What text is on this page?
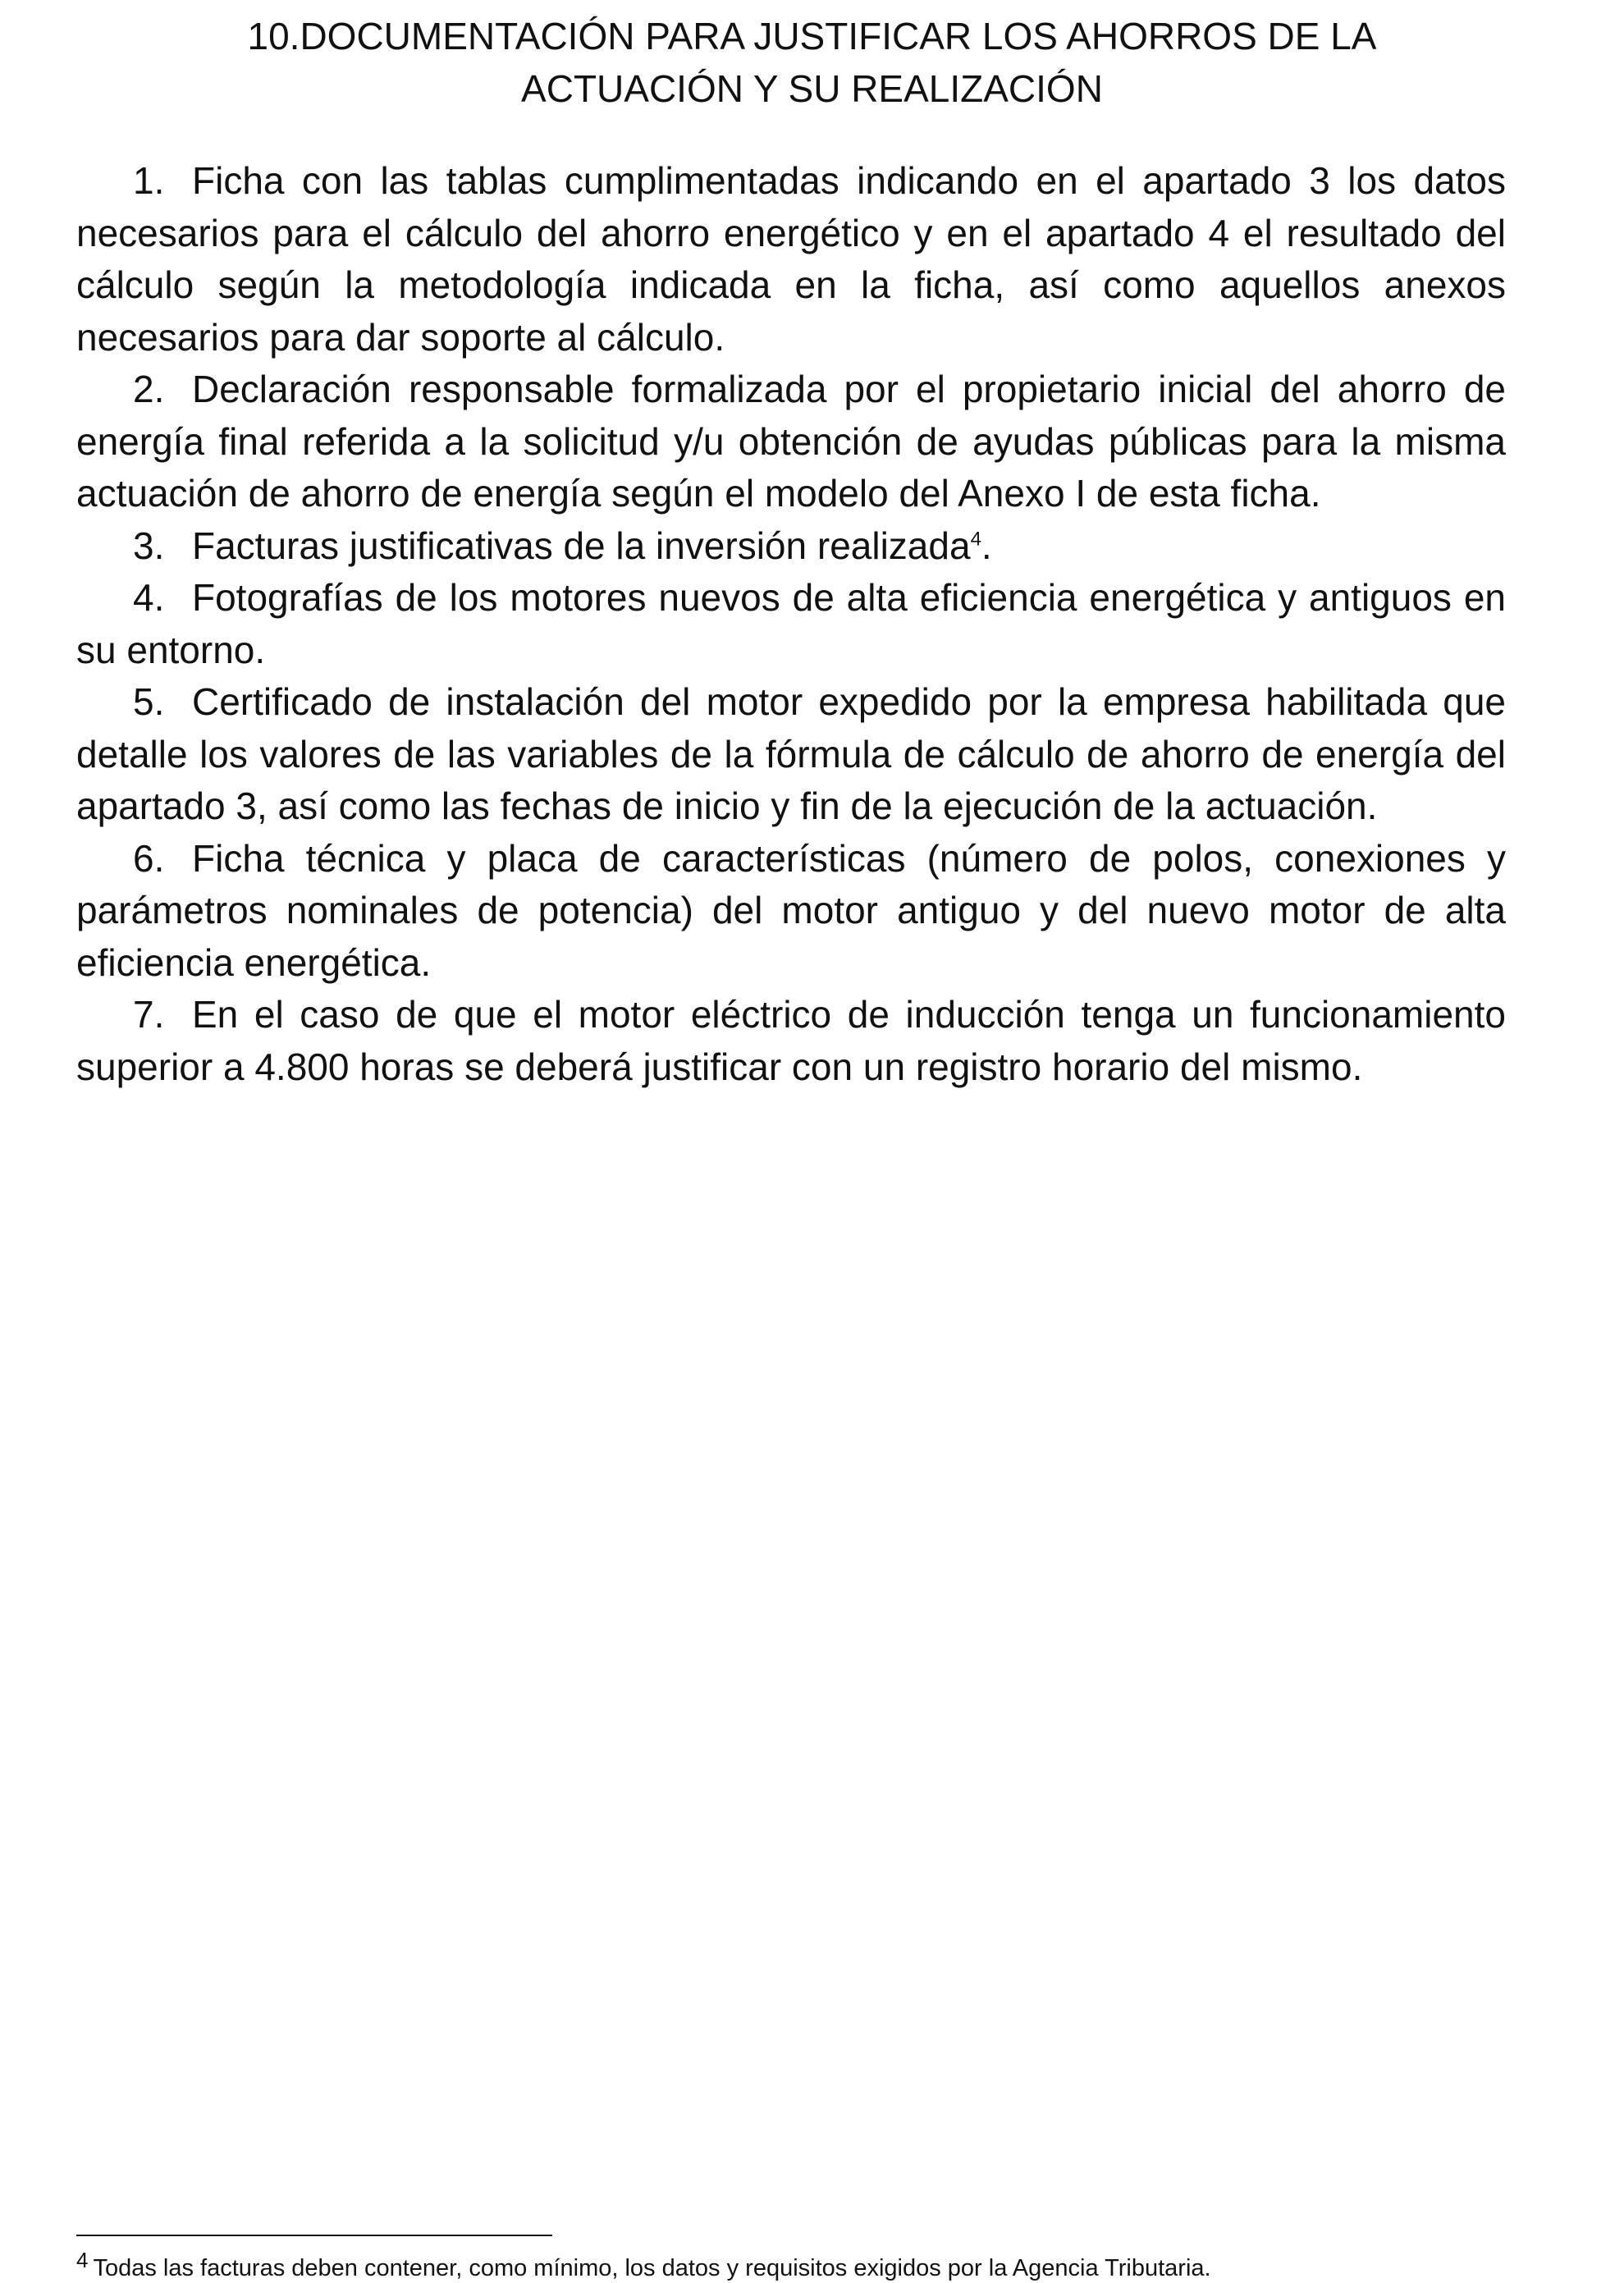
10.DOCUMENTACIÓN PARA JUSTIFICAR LOS AHORROS DE LA
ACTUACIÓN Y SU REALIZACIÓN
1. Ficha con las tablas cumplimentadas indicando en el apartado 3 los datos necesarios para el cálculo del ahorro energético y en el apartado 4 el resultado del cálculo según la metodología indicada en la ficha, así como aquellos anexos necesarios para dar soporte al cálculo.
2. Declaración responsable formalizada por el propietario inicial del ahorro de energía final referida a la solicitud y/u obtención de ayudas públicas para la misma actuación de ahorro de energía según el modelo del Anexo I de esta ficha.
3. Facturas justificativas de la inversión realizada$^4$.
4. Fotografías de los motores nuevos de alta eficiencia energética y antiguos en su entorno.
5. Certificado de instalación del motor expedido por la empresa habilitada que detalle los valores de las variables de la fórmula de cálculo de ahorro de energía del apartado 3, así como las fechas de inicio y fin de la ejecución de la actuación.
6. Ficha técnica y placa de características (número de polos, conexiones y parámetros nominales de potencia) del motor antiguo y del nuevo motor de alta eficiencia energética.
7. En el caso de que el motor eléctrico de inducción tenga un funcionamiento superior a 4.800 horas se deberá justificar con un registro horario del mismo.
4 Todas las facturas deben contener, como mínimo, los datos y requisitos exigidos por la Agencia Tributaria.
